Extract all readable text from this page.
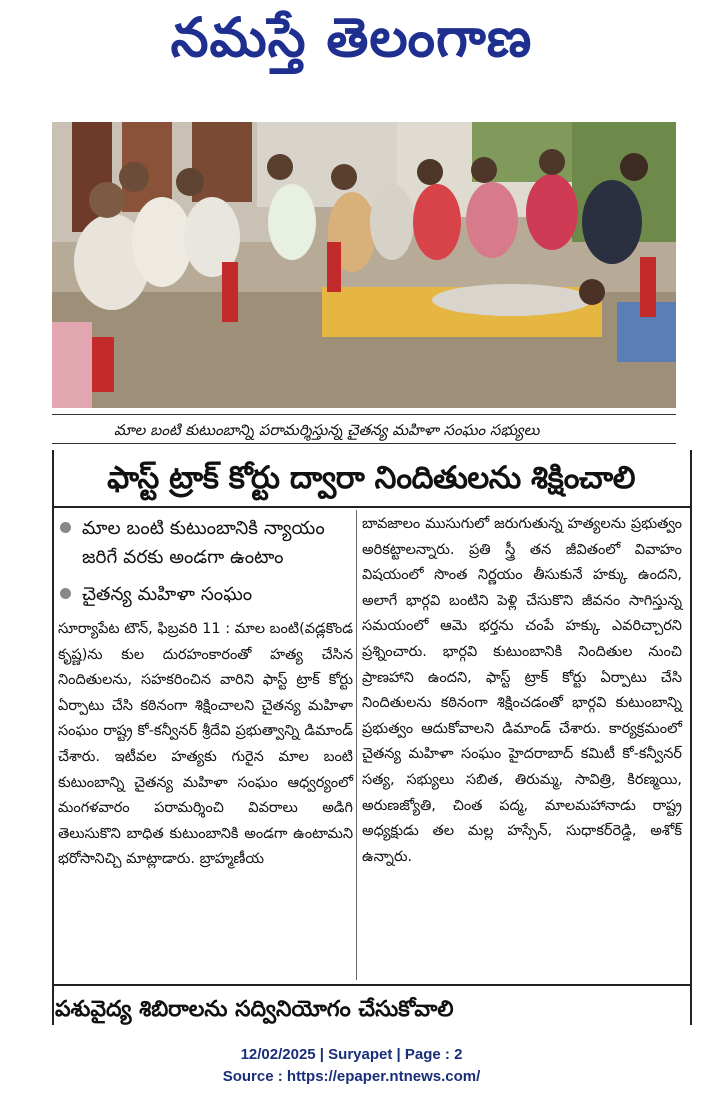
నమస్తే తెలంగాణ
మాల బంటి కుటుంబాన్ని పరామర్శిస్తున్న చైతన్య మహిళా సంఘం సభ్యులు
ఫాస్ట్ ట్రాక్ కోర్టు ద్వారా నిందితులను శిక్షించాలి
మాల బంటి కుటుంబానికి న్యాయం జరిగే వరకు అండగా ఉంటాం
చైతన్య మహిళా సంఘం
సూర్యాపేట టౌన్, ఫిబ్రవరి 11 : మాల బంటి(వడ్లకొండ కృష్ణ)ను కుల దురహంకారంతో హత్య చేసిన నిందితులను, సహకరించిన వారిని ఫాస్ట్ ట్రాక్ కోర్టు ఏర్పాటు చేసి కఠినంగా శిక్షించాలని చైతన్య మహిళా సంఘం రాష్ట్ర కో-కన్వీనర్ శ్రీదేవి ప్రభుత్వాన్ని డిమాండ్ చేశారు. ఇటీవల హత్యకు గురైన మాల బంటి కుటుంబాన్ని చైతన్య మహిళా సంఘం ఆధ్వర్యంలో మంగళవారం పరామర్శించి వివరాలు అడిగి తెలుసుకొని బాధిత కుటుంబానికి అండగా ఉంటామని భరోసానిచ్చి మాట్లాడారు. బ్రాహ్మణీయ
బావజాలం ముసుగులో జరుగుతున్న హత్యలను ప్రభుత్వం అరికట్టాలన్నారు. ప్రతి స్త్రీ తన జీవితంలో వివాహం విషయంలో సొంత నిర్ణయం తీసుకునే హక్కు ఉందని, అలాగే భార్గవి బంటిని పెళ్లి చేసుకొని జీవనం సాగిస్తున్న సమయంలో ఆమె భర్తను చంపే హక్కు ఎవరిచ్చారని ప్రశ్నించారు. భార్గవి కుటుంబానికి నిందితుల నుంచి ప్రాణహాని ఉందని, ఫాస్ట్ ట్రాక్ కోర్టు ఏర్పాటు చేసి నిందితులను కఠినంగా శిక్షించడంతో భార్గవి కుటుంబాన్ని ప్రభుత్వం ఆదుకోవాలని డిమాండ్ చేశారు. కార్యక్రమంలో చైతన్య మహిళా సంఘం హైదరాబాద్ కమిటీ కో-కన్వీనర్ సత్య, సభ్యులు సబిత, తిరుమ్మ, సావిత్రి, కిరణ్మయి, అరుణజ్యోతి, చింత పద్మ, మాలమహానాడు రాష్ట్ర అధ్యక్షుడు తల మల్ల హస్సేన్, సుధాకర్‌రెడ్డి, అశోక్ ఉన్నారు.
పశువైద్య శిబిరాలను సద్వినియోగం చేసుకోవాలి
12/02/2025 | Suryapet | Page : 2
Source : https://epaper.ntnews.com/
